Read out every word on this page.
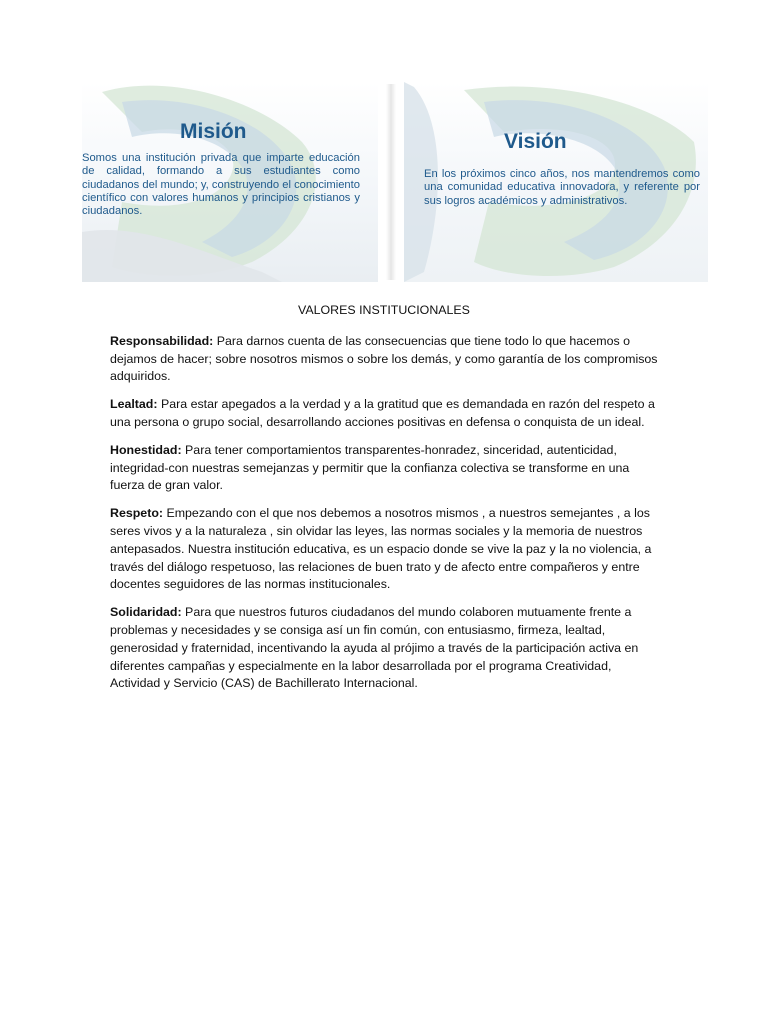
Misión

Somos una institución privada que imparte educación de calidad, formando a sus estudiantes como ciudadanos del mundo; y, construyendo el conocimiento científico con valores humanos y principios cristianos y ciudadanos.

Visión

En los próximos cinco años, nos mantendremos como una comunidad educativa innovadora, y referente por sus logros académicos y administrativos.

VALORES INSTITUCIONALES

Responsabilidad: Para darnos cuenta de las consecuencias que tiene todo lo que hacemos o dejamos de hacer; sobre nosotros mismos o sobre los demás, y como garantía de los compromisos adquiridos.

Lealtad: Para estar apegados a la verdad y a la gratitud que es demandada en razón del respeto a una persona o grupo social, desarrollando acciones positivas en defensa o conquista de un ideal.

Honestidad: Para tener comportamientos transparentes-honradez, sinceridad, autenticidad, integridad-con nuestras semejanzas y permitir que la confianza colectiva se transforme en una fuerza de gran valor.

Respeto: Empezando con el que nos debemos a nosotros mismos , a nuestros semejantes , a los seres vivos y a la naturaleza , sin olvidar las leyes, las normas sociales y la memoria de nuestros antepasados. Nuestra institución educativa, es un espacio donde se vive la paz y la no violencia, a través del diálogo respetuoso, las relaciones de buen trato y de afecto entre compañeros y entre docentes seguidores de las normas institucionales.

Solidaridad: Para que nuestros futuros ciudadanos del mundo colaboren mutuamente frente a problemas y necesidades y se consiga así un fin común, con entusiasmo, firmeza, lealtad, generosidad y fraternidad, incentivando la ayuda al prójimo a través de la participación activa en diferentes campañas y especialmente en la labor desarrollada por el programa Creatividad, Actividad y Servicio (CAS) de Bachillerato Internacional.
